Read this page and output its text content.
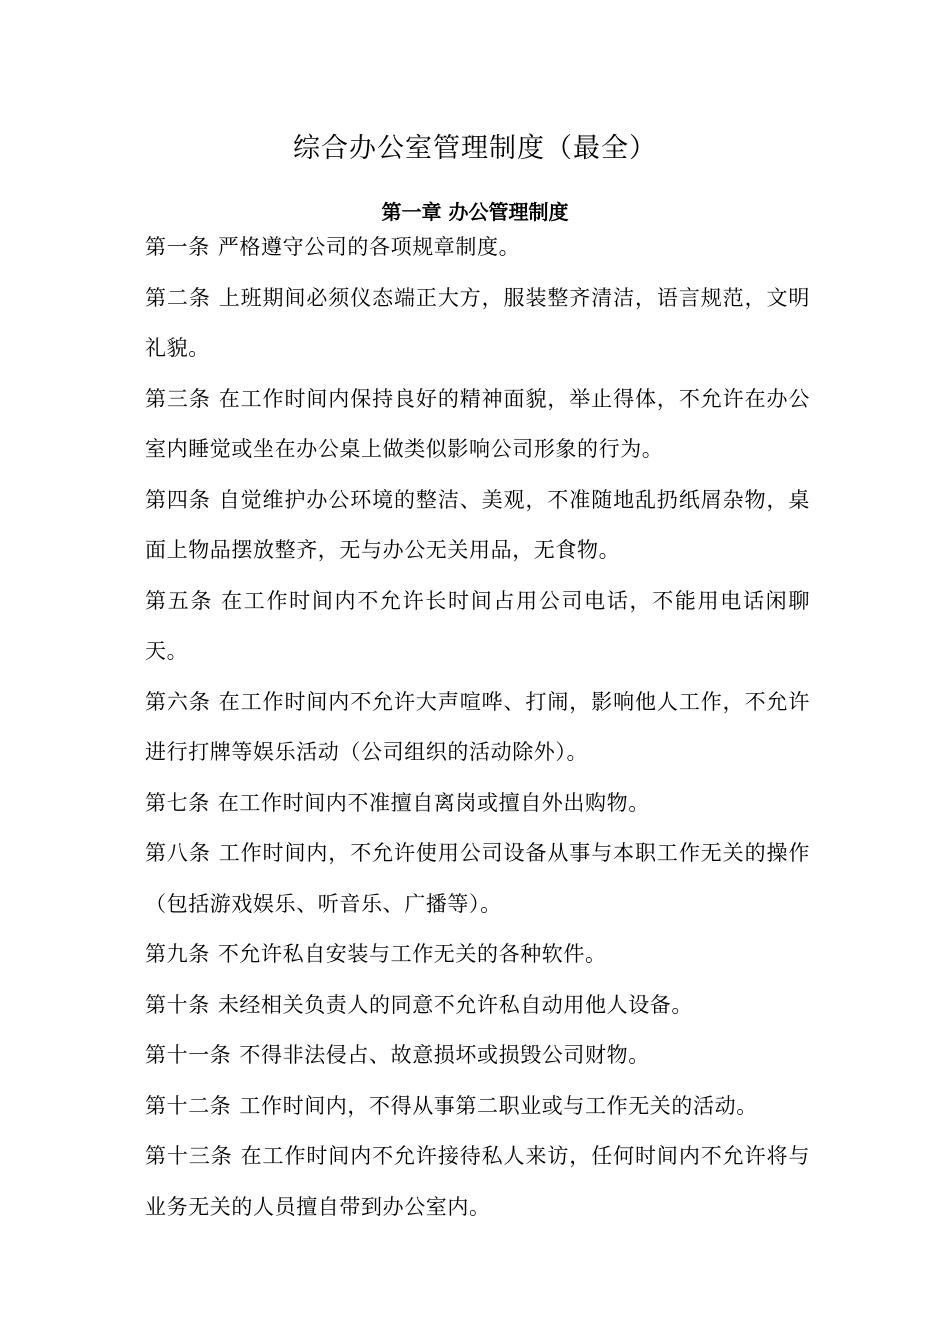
综合办公室管理制度（最全）
第一章 办公管理制度
第一条 严格遵守公司的各项规章制度。
第二条 上班期间必须仪态端正大方，服装整齐清洁，语言规范，文明礼貌。
第三条 在工作时间内保持良好的精神面貌，举止得体，不允许在办公室内睡觉或坐在办公桌上做类似影响公司形象的行为。
第四条 自觉维护办公环境的整洁、美观，不准随地乱扔纸屑杂物，桌面上物品摆放整齐，无与办公无关用品，无食物。
第五条 在工作时间内不允许长时间占用公司电话，不能用电话闲聊天。
第六条 在工作时间内不允许大声喧哗、打闹，影响他人工作，不允许进行打牌等娱乐活动（公司组织的活动除外）。
第七条 在工作时间内不准擅自离岗或擅自外出购物。
第八条 工作时间内，不允许使用公司设备从事与本职工作无关的操作（包括游戏娱乐、听音乐、广播等）。
第九条 不允许私自安装与工作无关的各种软件。
第十条 未经相关负责人的同意不允许私自动用他人设备。
第十一条 不得非法侵占、故意损坏或损毁公司财物。
第十二条 工作时间内，不得从事第二职业或与工作无关的活动。
第十三条 在工作时间内不允许接待私人来访，任何时间内不允许将与业务无关的人员擅自带到办公室内。
